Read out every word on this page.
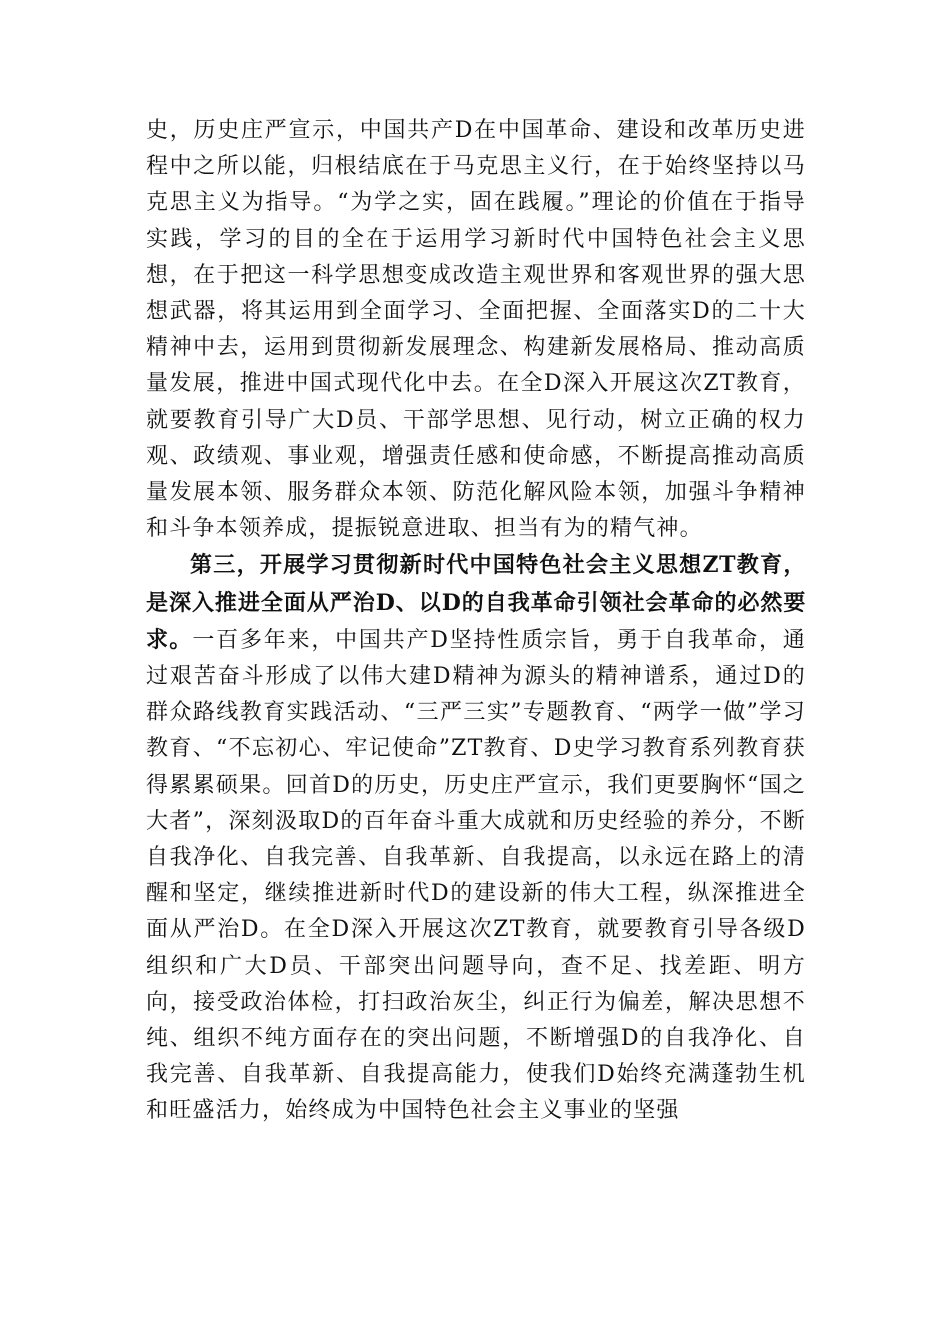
史，历史庄严宣示，中国共产D在中国革命、建设和改革历史进程中之所以能，归根结底在于马克思主义行，在于始终坚持以马克思主义为指导。“为学之实，固在践履。”理论的价值在于指导实践，学习的目的全在于运用学习新时代中国特色社会主义思想，在于把这一科学思想变成改造主观世界和客观世界的强大思想武器，将其运用到全面学习、全面把握、全面落实D的二十大精神中去，运用到贯彻新发展理念、构建新发展格局、推动高质量发展，推进中国式现代化中去。在全D深入开展这次ZT教育，就要教育引导广大D员、干部学思想、见行动，树立正确的权力观、政绩观、事业观，增强责任感和使命感，不断提高推动高质量发展本领、服务群众本领、防范化解风险本领，加强斗争精神和斗争本领养成，提振锐意进取、担当有为的精气神。

第三，开展学习贯彻新时代中国特色社会主义思想ZT教育，是深入推进全面从严治D、以D的自我革命引领社会革命的必然要求。一百多年来，中国共产D坚持性质宗旨，勇于自我革命，通过艰苦奋斗形成了以伟大建D精神为源头的精神谱系，通过D的群众路线教育实践活动、“三严三实”专题教育、“两学一做”学习教育、“不忘初心、牢记使命”ZT教育、D史学习教育系列教育获得累累硕果。回首D的历史，历史庄严宣示，我们更要胸怀“国之大者”，深刻汲取D的百年奋斗重大成就和历史经验的养分，不断自我净化、自我完善、自我革新、自我提高，以永远在路上的清醒和坚定，继续推进新时代D的建设新的伟大工程，纵深推进全面从严治D。在全D深入开展这次ZT教育，就要教育引导各级D组织和广大D员、干部突出问题导向，查不足、找差距、明方向，接受政治体检，打扫政治灰尘，纠正行为偏差，解决思想不纯、组织不纯方面存在的突出问题，不断增强D的自我净化、自我完善、自我革新、自我提高能力，使我们D始终充满蓬勃生机和旺盛活力，始终成为中国特色社会主义事业的坚强
